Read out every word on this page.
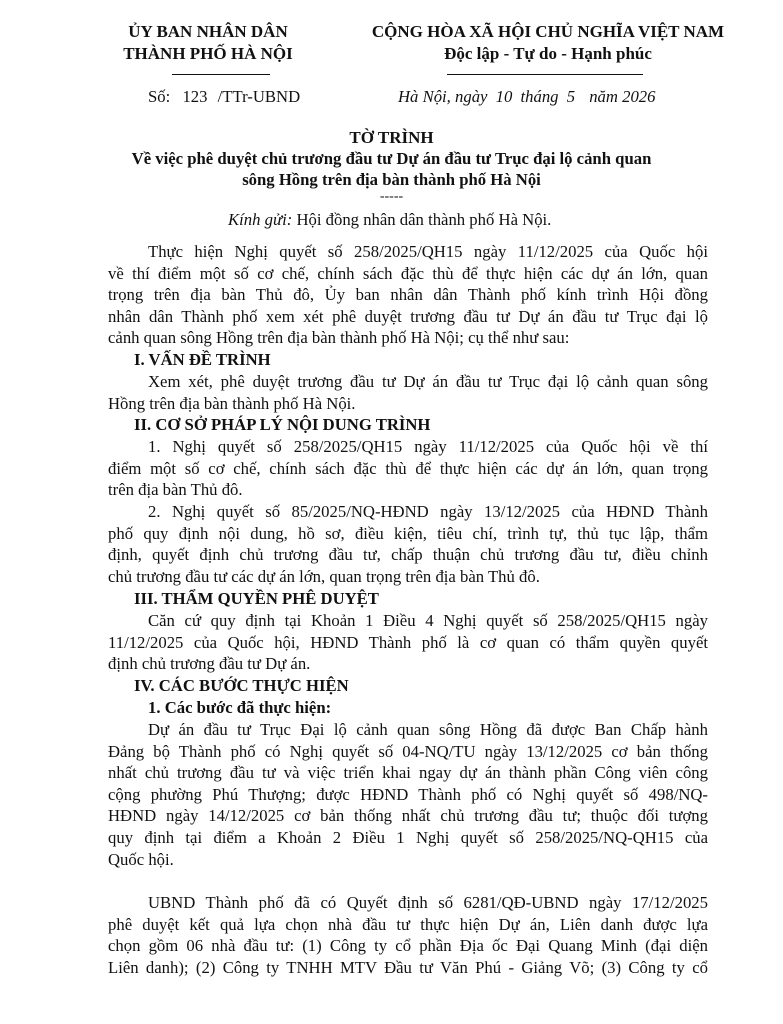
ỦY BAN NHÂN DÂN
THÀNH PHỐ HÀ NỘI
CỘNG HÒA XÃ HỘI CHỦ NGHĨA VIỆT NAM
Độc lập - Tự do - Hạnh phúc
Số: 123 /TTr-UBND	Hà Nội, ngày 10 tháng 5 năm 2026
TỜ TRÌNH
Về việc phê duyệt chủ trương đầu tư Dự án đầu tư Trục đại lộ cảnh quan
sông Hồng trên địa bàn thành phố Hà Nội
-----
Kính gửi: Hội đồng nhân dân thành phố Hà Nội.
Thực hiện Nghị quyết số 258/2025/QH15 ngày 11/12/2025 của Quốc hội
về thí điểm một số cơ chế, chính sách đặc thù để thực hiện các dự án lớn, quan
trọng trên địa bàn Thủ đô, Ủy ban nhân dân Thành phố kính trình Hội đồng
nhân dân Thành phố xem xét phê duyệt trương đầu tư Dự án đầu tư Trục đại lộ
cảnh quan sông Hồng trên địa bàn thành phố Hà Nội; cụ thể như sau:
I. VẤN ĐỀ TRÌNH
Xem xét, phê duyệt trương đầu tư Dự án đầu tư Trục đại lộ cảnh quan sông
Hồng trên địa bàn thành phố Hà Nội.
II. CƠ SỞ PHÁP LÝ NỘI DUNG TRÌNH
1. Nghị quyết số 258/2025/QH15 ngày 11/12/2025 của Quốc hội về thí
điểm một số cơ chế, chính sách đặc thù để thực hiện các dự án lớn, quan trọng
trên địa bàn Thủ đô.
2. Nghị quyết số 85/2025/NQ-HĐND ngày 13/12/2025 của HĐND Thành
phố quy định nội dung, hồ sơ, điều kiện, tiêu chí, trình tự, thủ tục lập, thẩm
định, quyết định chủ trương đầu tư, chấp thuận chủ trương đầu tư, điều chỉnh
chủ trương đầu tư các dự án lớn, quan trọng trên địa bàn Thủ đô.
III. THẨM QUYỀN PHÊ DUYỆT
Căn cứ quy định tại Khoản 1 Điều 4 Nghị quyết số 258/2025/QH15 ngày
11/12/2025 của Quốc hội, HĐND Thành phố là cơ quan có thẩm quyền quyết
định chủ trương đầu tư Dự án.
IV. CÁC BƯỚC THỰC HIỆN
1. Các bước đã thực hiện:
Dự án đầu tư Trục Đại lộ cảnh quan sông Hồng đã được Ban Chấp hành
Đảng bộ Thành phố có Nghị quyết số 04-NQ/TU ngày 13/12/2025 cơ bản thống
nhất chủ trương đầu tư và việc triển khai ngay dự án thành phần Công viên công
cộng phường Phú Thượng; được HĐND Thành phố có Nghị quyết số 498/NQ-
HĐND ngày 14/12/2025 cơ bản thống nhất chủ trương đầu tư; thuộc đối tượng
quy định tại điểm a Khoản 2 Điều 1 Nghị quyết số 258/2025/NQ-QH15 của
Quốc hội.
UBND Thành phố đã có Quyết định số 6281/QĐ-UBND ngày 17/12/2025
phê duyệt kết quả lựa chọn nhà đầu tư thực hiện Dự án, Liên danh được lựa
chọn gồm 06 nhà đầu tư: (1) Công ty cổ phần Địa ốc Đại Quang Minh (đại diện
Liên danh); (2) Công ty TNHH MTV Đầu tư Văn Phú - Giảng Võ; (3) Công ty cổ
